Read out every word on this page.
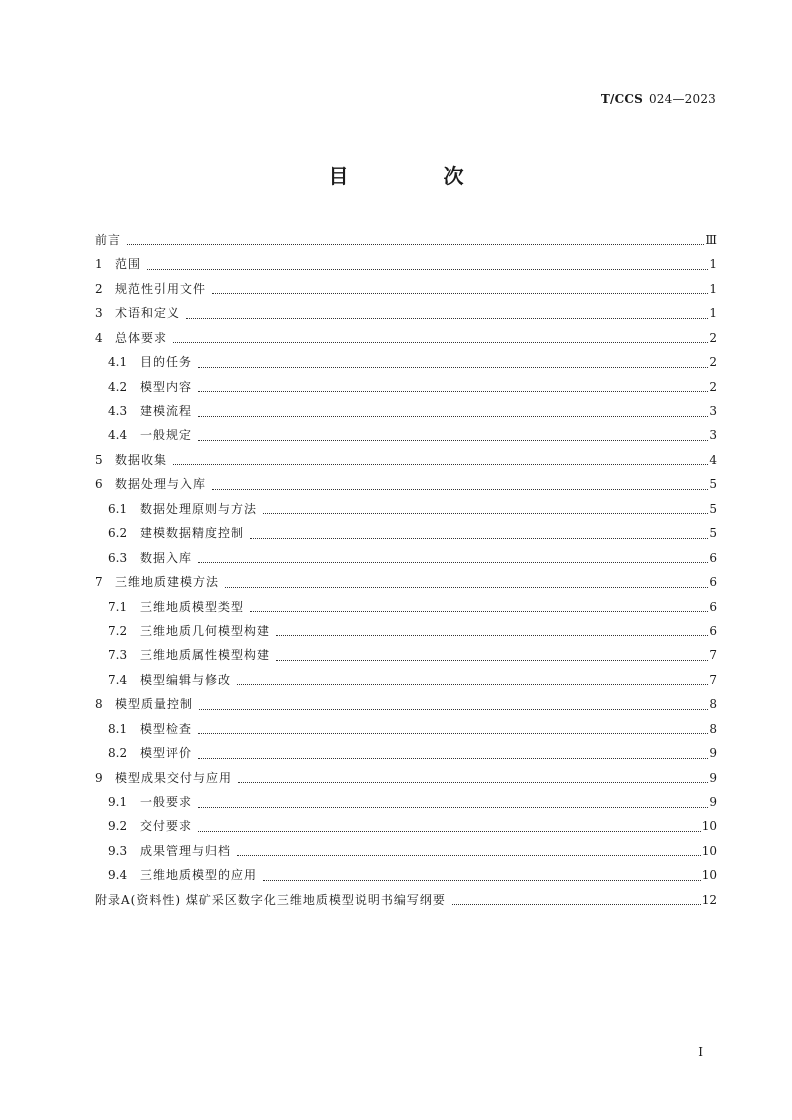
T/CCS 024—2023
目 次
前言	Ⅲ
1	范围	1
2	规范性引用文件	1
3	术语和定义	1
4	总体要求	2
4.1	目的任务	2
4.2	模型内容	2
4.3	建模流程	3
4.4	一般规定	3
5	数据收集	4
6	数据处理与入库	5
6.1	数据处理原则与方法	5
6.2	建模数据精度控制	5
6.3	数据入库	6
7	三维地质建模方法	6
7.1	三维地质模型类型	6
7.2	三维地质几何模型构建	6
7.3	三维地质属性模型构建	7
7.4	模型编辑与修改	7
8	模型质量控制	8
8.1	模型检查	8
8.2	模型评价	9
9	模型成果交付与应用	9
9.1	一般要求	9
9.2	交付要求	10
9.3	成果管理与归档	10
9.4	三维地质模型的应用	10
附录A(资料性) 煤矿采区数字化三维地质模型说明书编写纲要	12
I
